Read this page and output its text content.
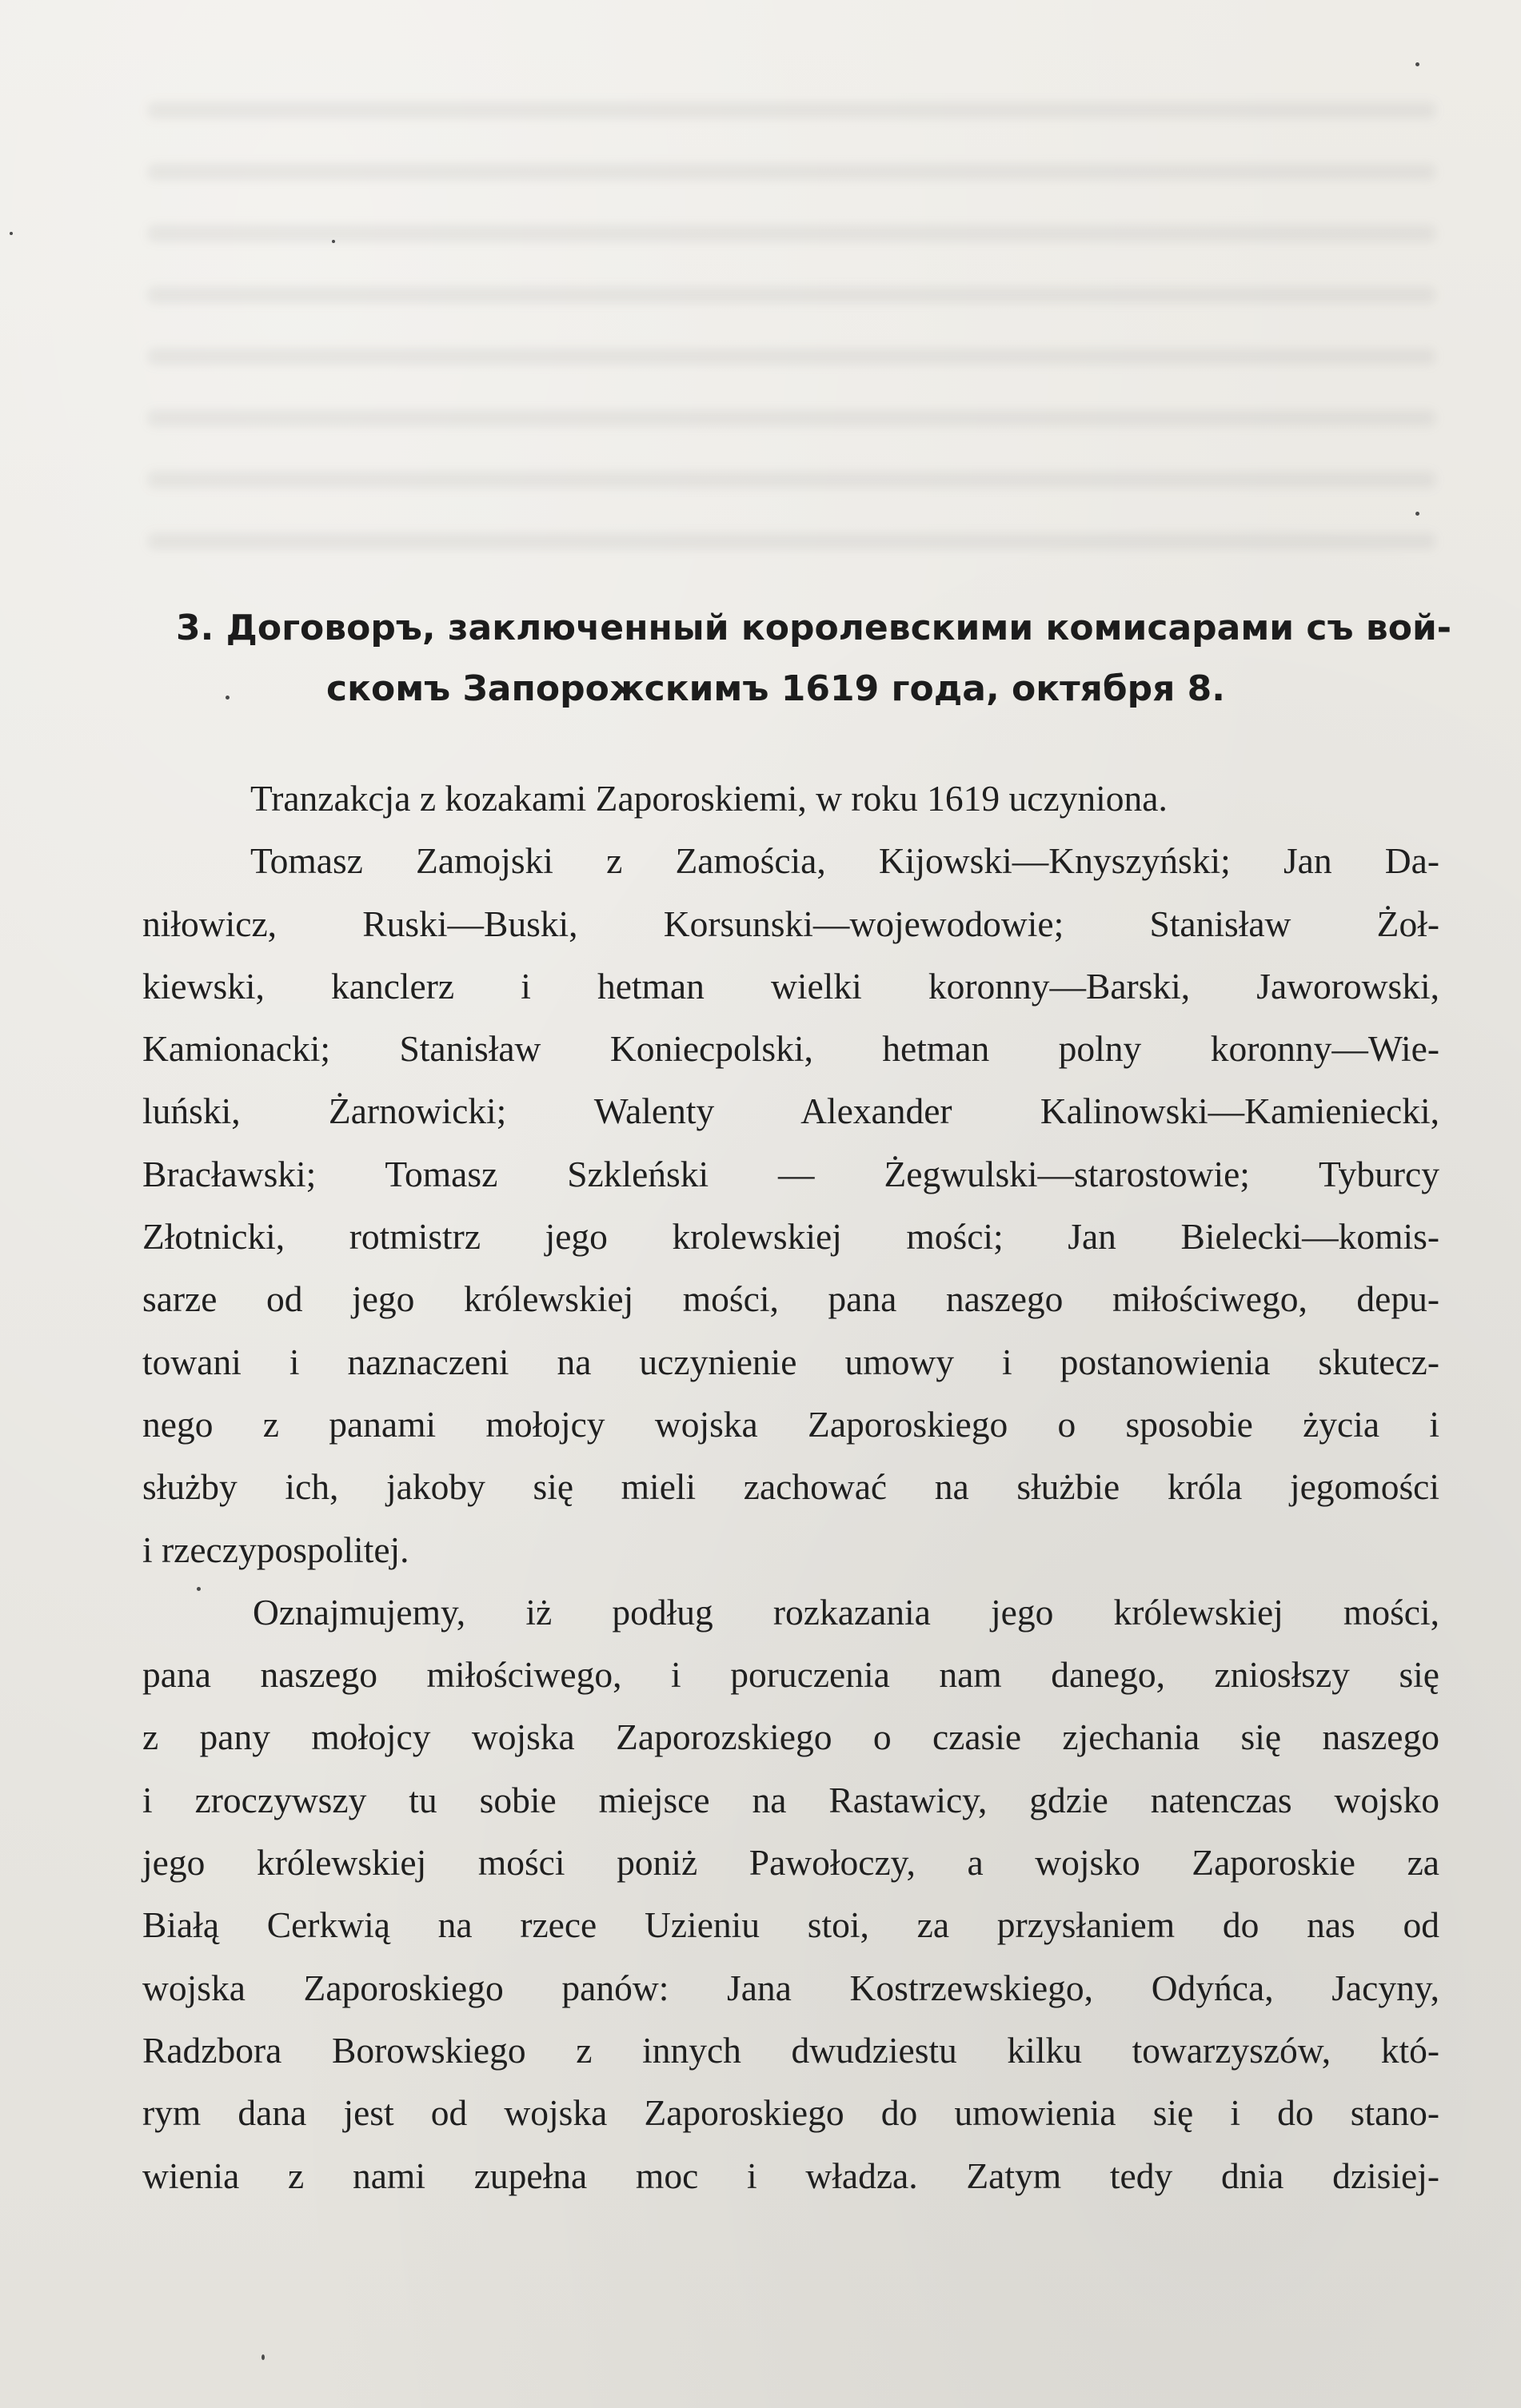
3. Договоръ, заключенный королевскими комисарами съ вой-
скомъ Запорожскимъ 1619 года, октября 8.
Tranzakcja z kozakami Zaporoskiemi, w roku 1619 uczyniona.
Tomasz Zamojski z Zamościa, Kijowski—Knyszyński; Jan Da-
niłowicz, Ruski—Buski, Korsunski—wojewodowie; Stanisław Żoł-
kiewski, kanclerz i hetman wielki koronny—Barski, Jaworowski,
Kamionacki; Stanisław Koniecpolski, hetman polny koronny—Wie-
luński, Żarnowicki; Walenty Alexander Kalinowski—Kamieniecki,
Bracławski; Tomasz Szkleński — Żegwulski—starostowie; Tyburcy
Złotnicki, rotmistrz jego krolewskiej mości; Jan Bielecki—komis-
sarze od jego królewskiej mości, pana naszego miłościwego, depu-
towani i naznaczeni na uczynienie umowy i postanowienia skutecz-
nego z panami mołojcy wojska Zaporoskiego o sposobie życia i
służby ich, jakoby się mieli zachować na służbie króla jegomości
i rzeczypospolitej.
Oznajmujemy, iż podług rozkazania jego królewskiej mości,
pana naszego miłościwego, i poruczenia nam danego, zniosłszy się
z pany mołojcy wojska Zaporozskiego o czasie zjechania się naszego
i zroczywszy tu sobie miejsce na Rastawicy, gdzie natenczas wojsko
jego królewskiej mości poniż Pawołoczy, a wojsko Zaporoskie za
Białą Cerkwią na rzece Uzieniu stoi, za przysłaniem do nas od
wojska Zaporoskiego panów: Jana Kostrzewskiego, Odyńca, Jacyny,
Radzbora Borowskiego z innych dwudziestu kilku towarzyszów, któ-
rym dana jest od wojska Zaporoskiego do umowienia się i do stano-
wienia z nami zupełna moc i władza. Zatym tedy dnia dzisiej-
